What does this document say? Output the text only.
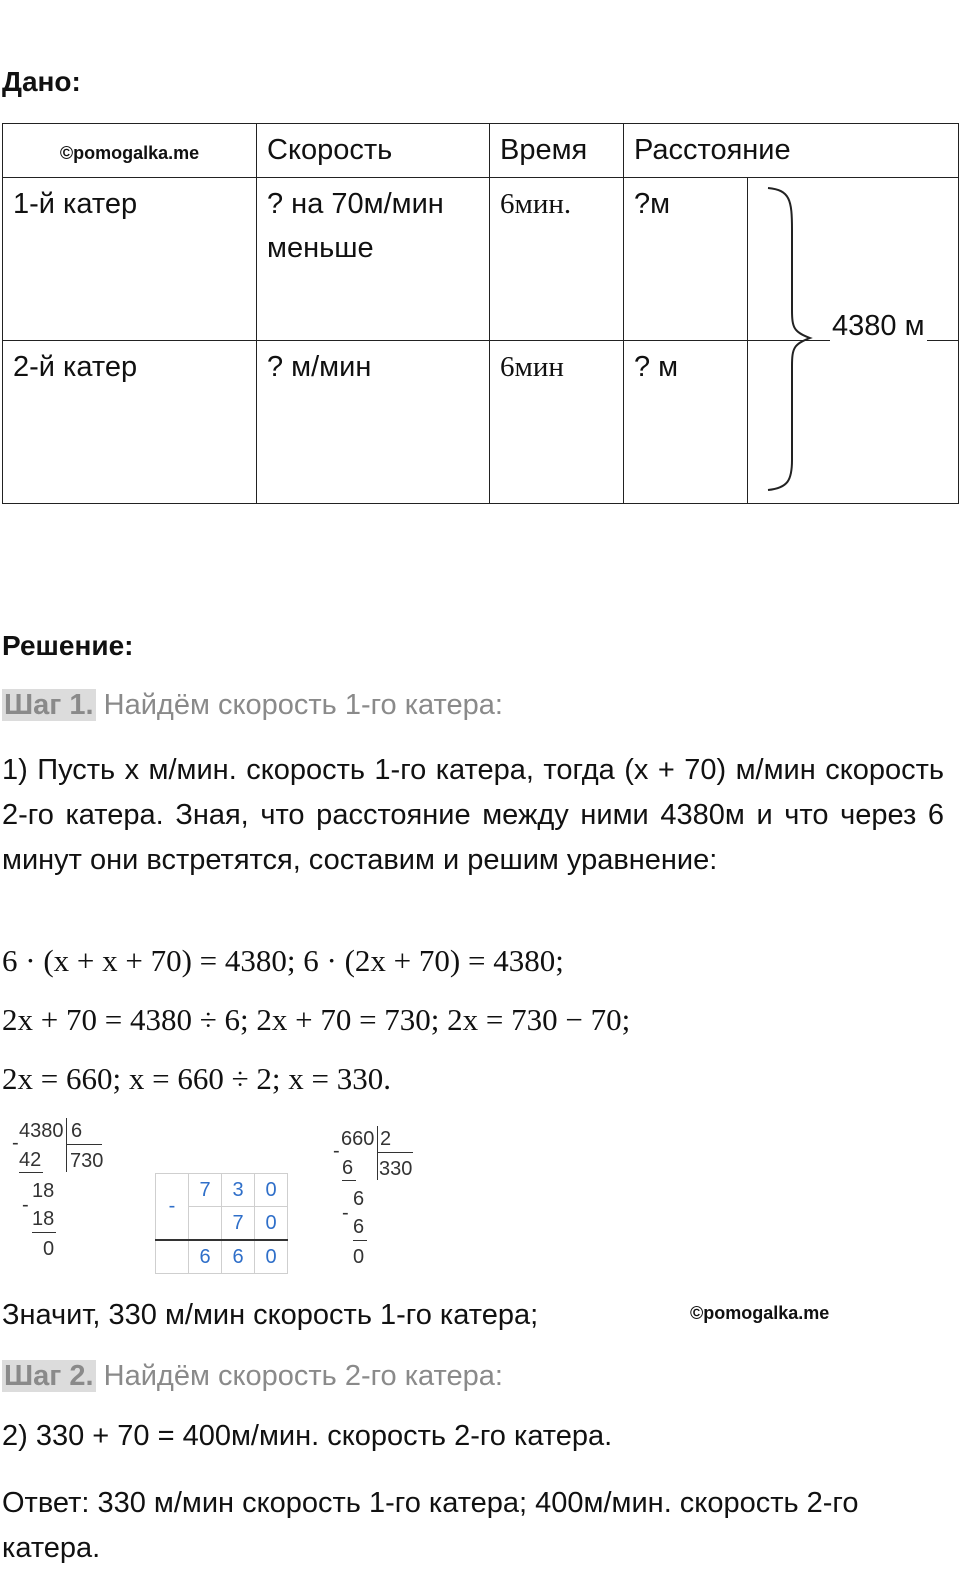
Дано:
©pomogalka.me	Скорость	Время	Расстояние	
1-й катер	? на 70м/мин меньше	6мин.	?м	
2-й катер	? м/мин	6мин	? м	
4380 м
Решение:
Шаг 1. Найдём скорость 1-го катера:
1) Пусть x м/мин. скорость 1-го катера, тогда (x + 70) м/мин скорость 2-го катера. Зная, что расстояние между ними 4380м и что через 6 минут они встретятся, составим и решим уравнение:
6 · (x + x + 70) = 4380; 6 · (2x + 70) = 4380;
2x + 70 = 4380 ÷ 6; 2x + 70 = 730; 2x = 730 − 70;
2x = 660; x = 660 ÷ 2; x = 330.
4380 6
730
-
42
18
-
18
0
-	7	3	0
		7	0
	6	6	0
660 2
330
-
6
6
-
6
0
Значит, 330 м/мин скорость 1-го катера;	©pomogalka.me
Шаг 2. Найдём скорость 2-го катера:
2) 330 + 70 = 400м/мин. скорость 2-го катера.
Ответ: 330 м/мин скорость 1-го катера; 400м/мин. скорость 2-го катера.
